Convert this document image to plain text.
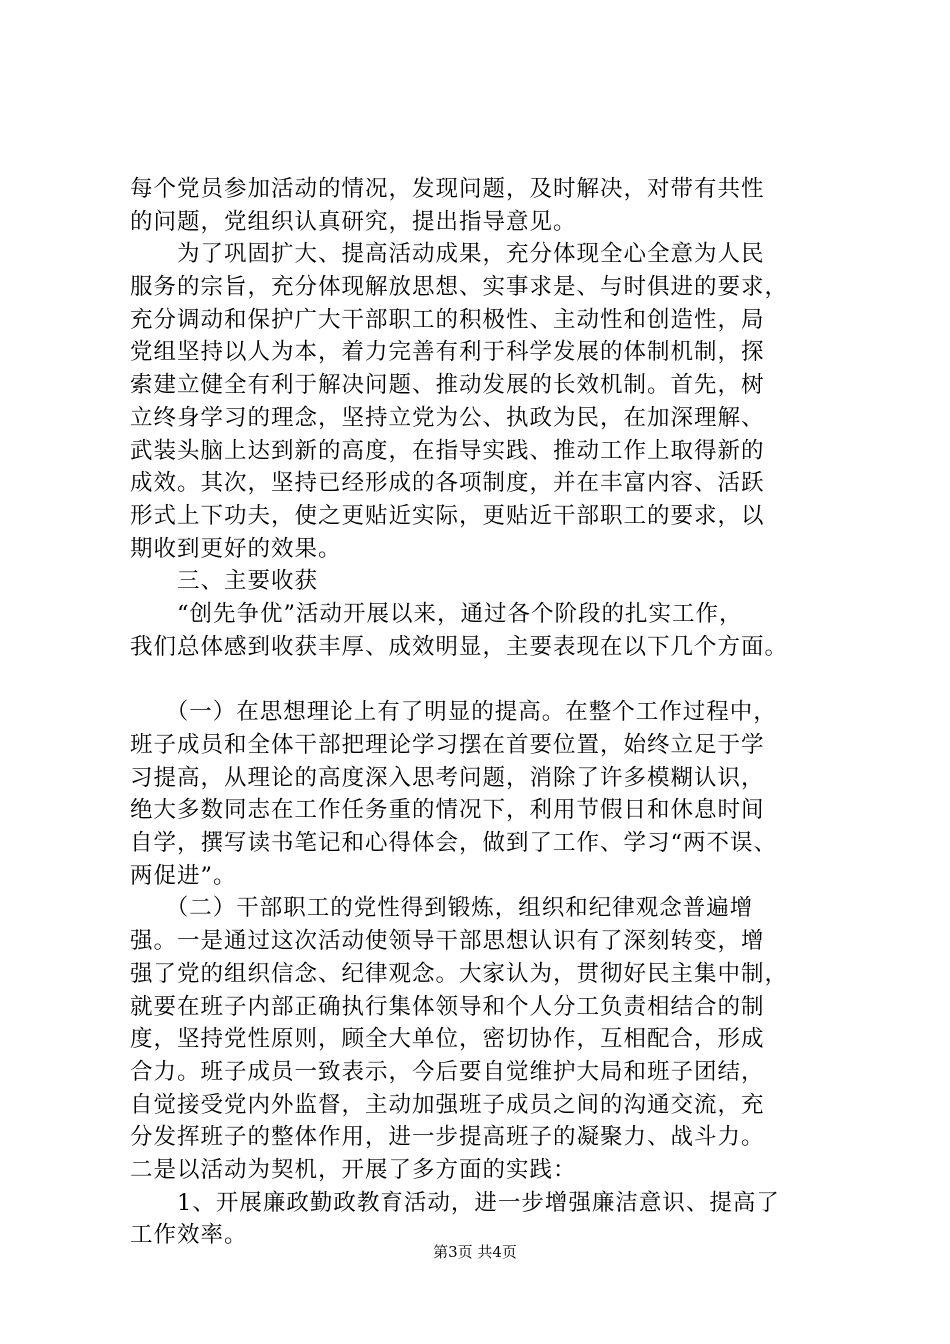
每个党员参加活动的情况，发现问题，及时解决，对带有共性
的问题，党组织认真研究，提出指导意见。
　　为了巩固扩大、提高活动成果，充分体现全心全意为人民
服务的宗旨，充分体现解放思想、实事求是、与时俱进的要求，
充分调动和保护广大干部职工的积极性、主动性和创造性，局
党组坚持以人为本，着力完善有利于科学发展的体制机制，探
索建立健全有利于解决问题、推动发展的长效机制。首先，树
立终身学习的理念，坚持立党为公、执政为民，在加深理解、
武装头脑上达到新的高度，在指导实践、推动工作上取得新的
成效。其次，坚持已经形成的各项制度，并在丰富内容、活跃
形式上下功夫，使之更贴近实际，更贴近干部职工的要求，以
期收到更好的效果。
　　三、主要收获
　　“创先争优”活动开展以来，通过各个阶段的扎实工作，
我们总体感到收获丰厚、成效明显，主要表现在以下几个方面。
　　（一）在思想理论上有了明显的提高。在整个工作过程中，
班子成员和全体干部把理论学习摆在首要位置，始终立足于学
习提高，从理论的高度深入思考问题，消除了许多模糊认识，
绝大多数同志在工作任务重的情况下，利用节假日和休息时间
自学，撰写读书笔记和心得体会，做到了工作、学习“两不误、
两促进”。
　　（二）干部职工的党性得到锻炼，组织和纪律观念普遍增
强。一是通过这次活动使领导干部思想认识有了深刻转变，增
强了党的组织信念、纪律观念。大家认为，贯彻好民主集中制，
就要在班子内部正确执行集体领导和个人分工负责相结合的制
度，坚持党性原则，顾全大单位，密切协作，互相配合，形成
合力。班子成员一致表示，今后要自觉维护大局和班子团结，
自觉接受党内外监督，主动加强班子成员之间的沟通交流，充
分发挥班子的整体作用，进一步提高班子的凝聚力、战斗力。
二是以活动为契机，开展了多方面的实践：
　　1、开展廉政勤政教育活动，进一步增强廉洁意识、提高了
工作效率。
第3页 共4页
